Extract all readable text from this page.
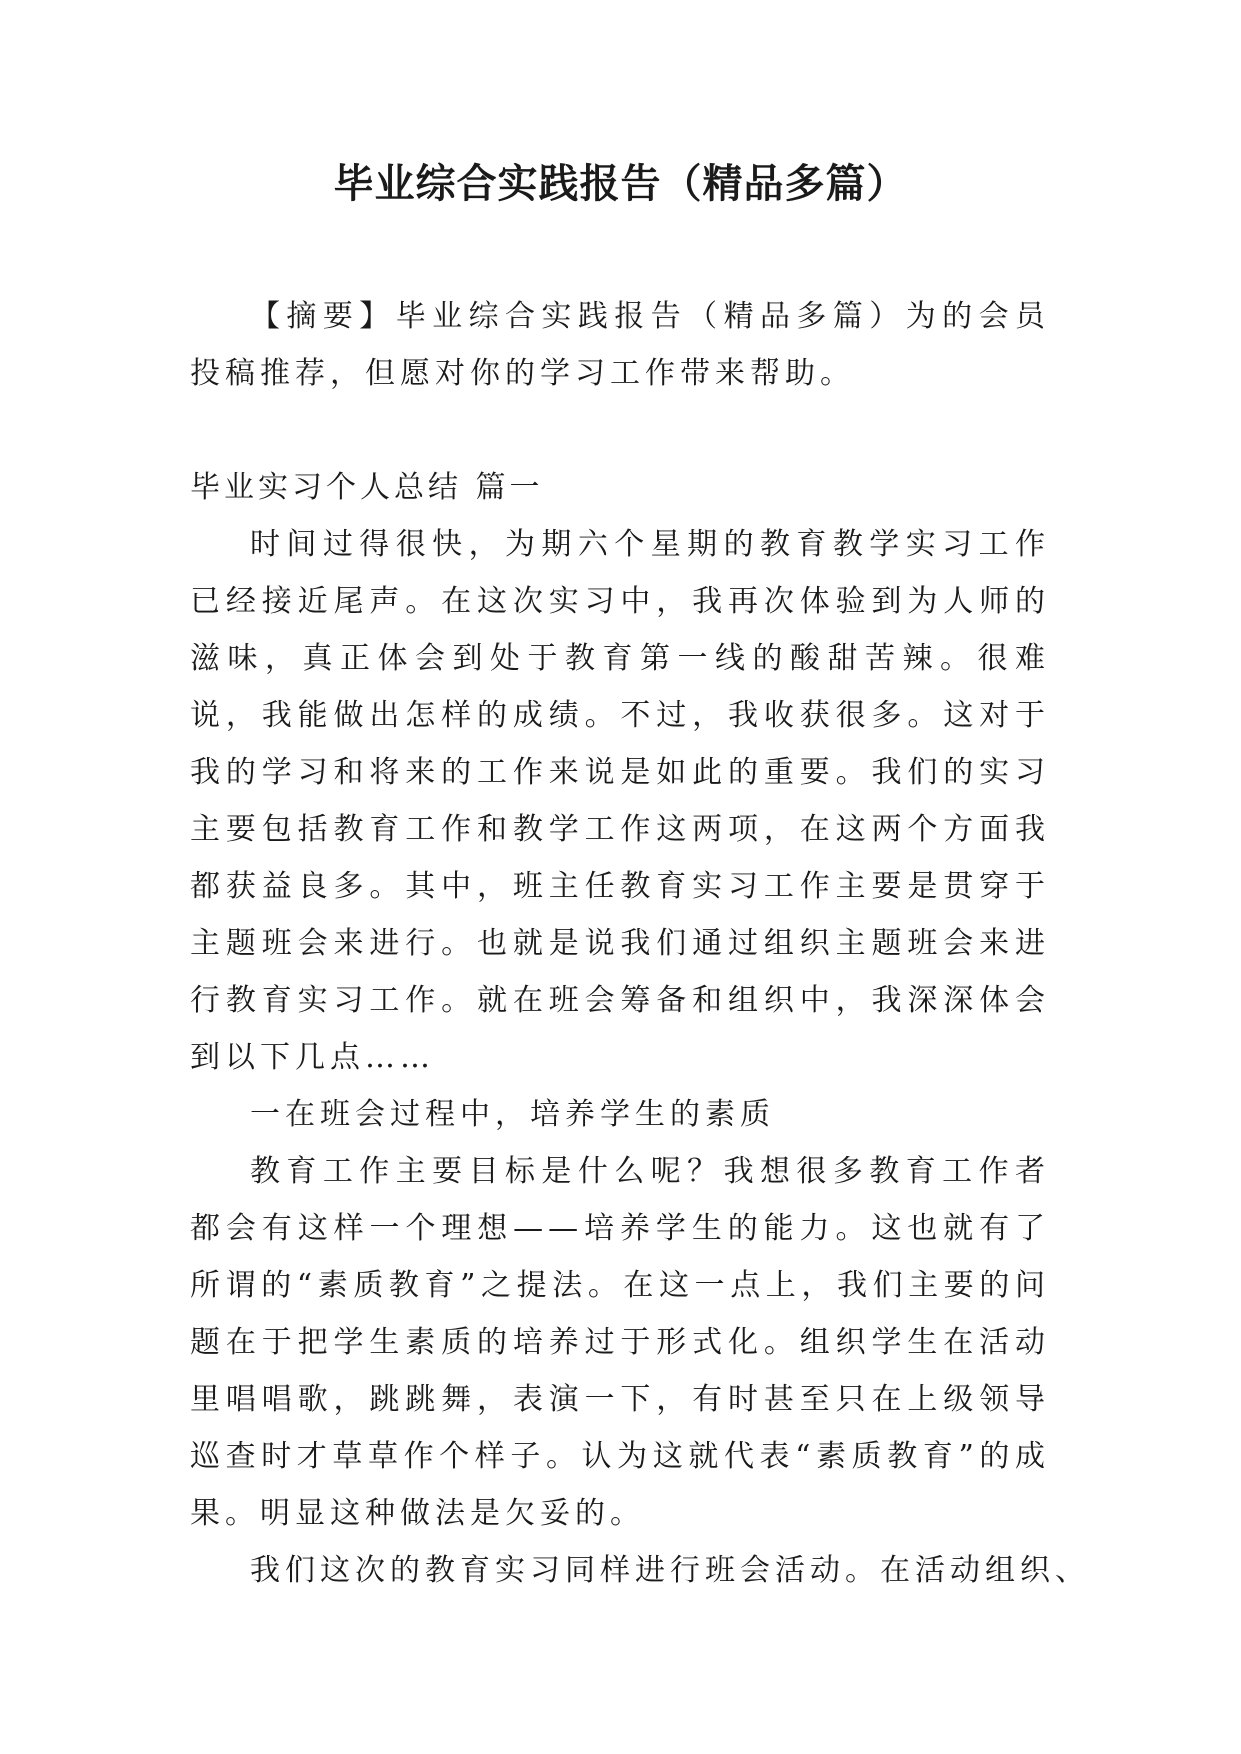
毕业综合实践报告（精品多篇）

【摘要】毕业综合实践报告（精品多篇）为的会员投稿推荐，但愿对你的学习工作带来帮助。

毕业实习个人总结 篇一

时间过得很快，为期六个星期的教育教学实习工作已经接近尾声。在这次实习中，我再次体验到为人师的滋味，真正体会到处于教育第一线的酸甜苦辣。很难说，我能做出怎样的成绩。不过，我收获很多。这对于我的学习和将来的工作来说是如此的重要。我们的实习主要包括教育工作和教学工作这两项，在这两个方面我都获益良多。其中，班主任教育实习工作主要是贯穿于主题班会来进行。也就是说我们通过组织主题班会来进行教育实习工作。就在班会筹备和组织中，我深深体会到以下几点……

一在班会过程中，培养学生的素质

教育工作主要目标是什么呢？我想很多教育工作者都会有这样一个理想——培养学生的能力。这也就有了所谓的“素质教育”之提法。在这一点上，我们主要的问题在于把学生素质的培养过于形式化。组织学生在活动里唱唱歌，跳跳舞，表演一下，有时甚至只在上级领导巡查时才草草作个样子。认为这就代表“素质教育”的成果。明显这种做法是欠妥的。

我们这次的教育实习同样进行班会活动。在活动组织、
